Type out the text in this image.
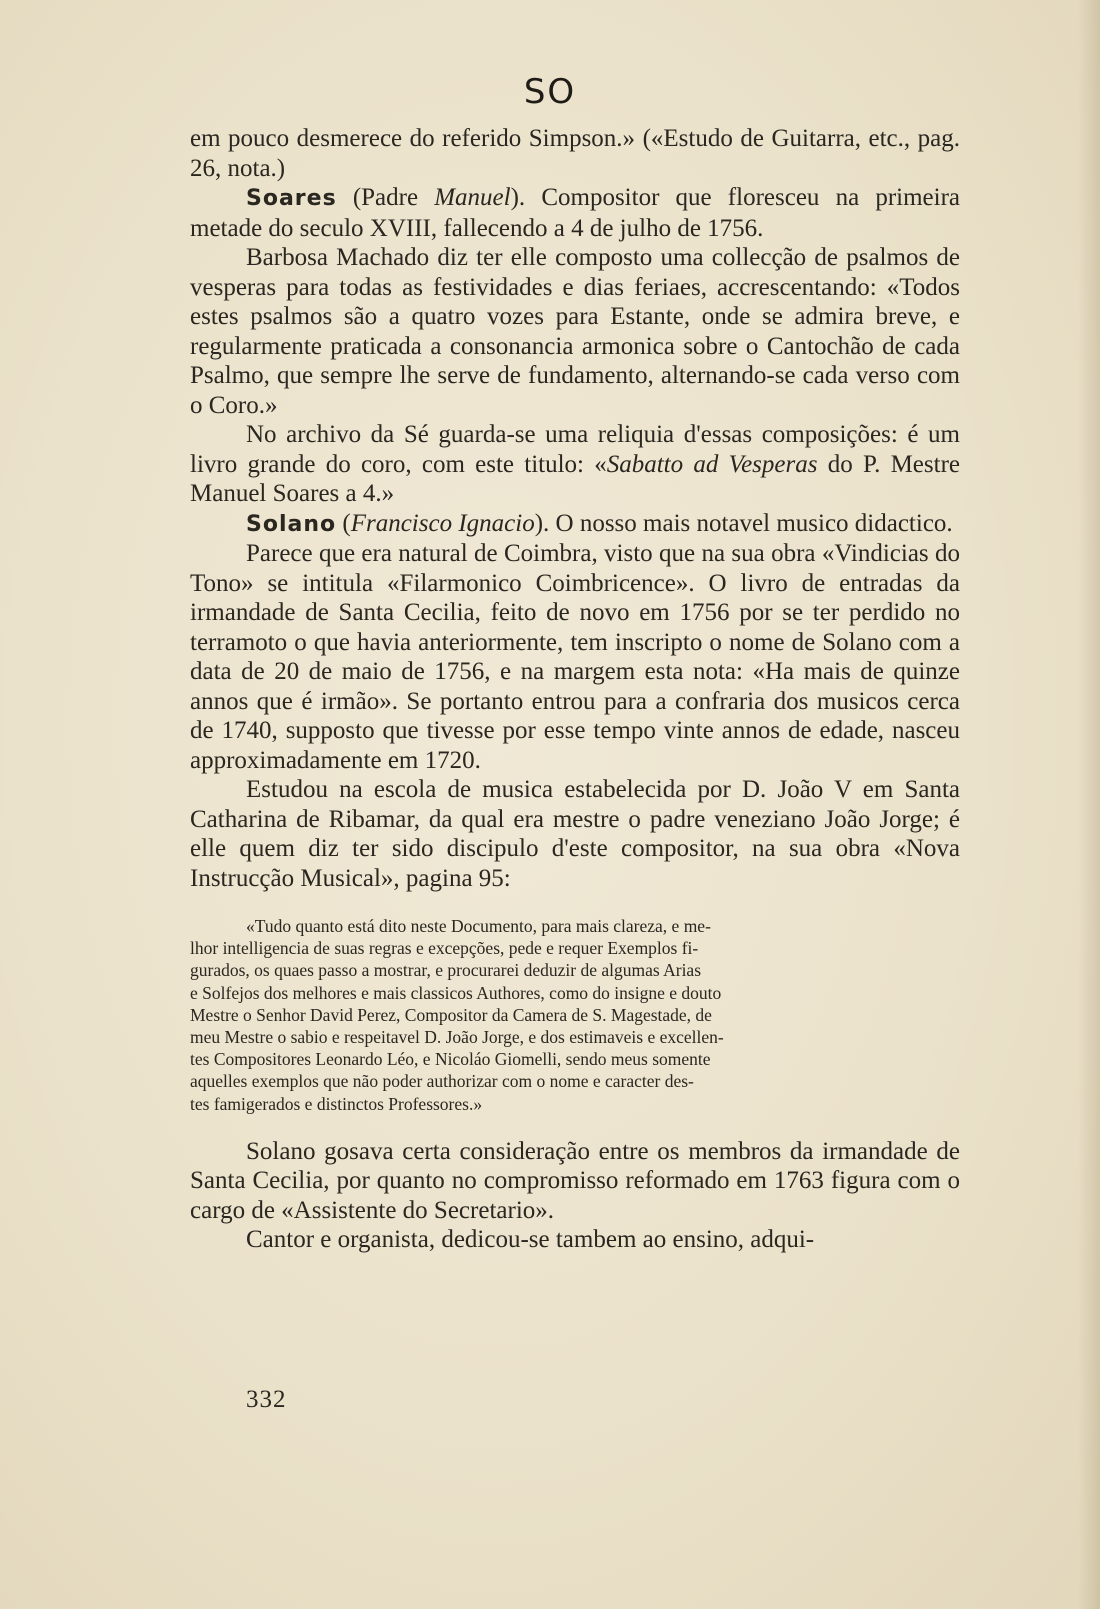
SO

em pouco desmerece do referido Simpson.» («Estudo de Guitarra, etc., pag. 26, nota.)

Soares (Padre Manuel). Compositor que floresceu na primeira metade do seculo XVIII, fallecendo a 4 de julho de 1756.

Barbosa Machado diz ter elle composto uma collecção de psalmos de vesperas para todas as festividades e dias feriaes, accrescentando: «Todos estes psalmos são a quatro vozes para Estante, onde se admira breve, e regularmente praticada a consonancia armonica sobre o Cantochão de cada Psalmo, que sempre lhe serve de fundamento, alternando-se cada verso com o Coro.»

No archivo da Sé guarda-se uma reliquia d'essas composições: é um livro grande do coro, com este titulo: «Sabatto ad Vesperas do P. Mestre Manuel Soares a 4.»

Solano (Francisco Ignacio). O nosso mais notavel musico didactico.

Parece que era natural de Coimbra, visto que na sua obra «Vindicias do Tono» se intitula «Filarmonico Coimbricence». O livro de entradas da irmandade de Santa Cecilia, feito de novo em 1756 por se ter perdido no terramoto o que havia anteriormente, tem inscripto o nome de Solano com a data de 20 de maio de 1756, e na margem esta nota: «Ha mais de quinze annos que é irmão». Se portanto entrou para a confraria dos musicos cerca de 1740, supposto que tivesse por esse tempo vinte annos de edade, nasceu approximadamente em 1720.

Estudou na escola de musica estabelecida por D. João V em Santa Catharina de Ribamar, da qual era mestre o padre veneziano João Jorge; é elle quem diz ter sido discipulo d'este compositor, na sua obra «Nova Instrucção Musical», pagina 95:

«Tudo quanto está dito neste Documento, para mais clareza, e me-
lhor intelligencia de suas regras e excepções, pede e requer Exemplos fi-
gurados, os quaes passo a mostrar, e procurarei deduzir de algumas Arias
e Solfejos dos melhores e mais classicos Authores, como do insigne e douto
Mestre o Senhor David Perez, Compositor da Camera de S. Magestade, de
meu Mestre o sabio e respeitavel D. João Jorge, e dos estimaveis e excellen-
tes Compositores Leonardo Léo, e Nicoláo Giomelli, sendo meus somente
aquelles exemplos que não poder authorizar com o nome e caracter des-
tes famigerados e distinctos Professores.»

Solano gosava certa consideração entre os membros da irmandade de Santa Cecilia, por quanto no compromisso reformado em 1763 figura com o cargo de «Assistente do Secretario».

Cantor e organista, dedicou-se tambem ao ensino, adqui-

332
